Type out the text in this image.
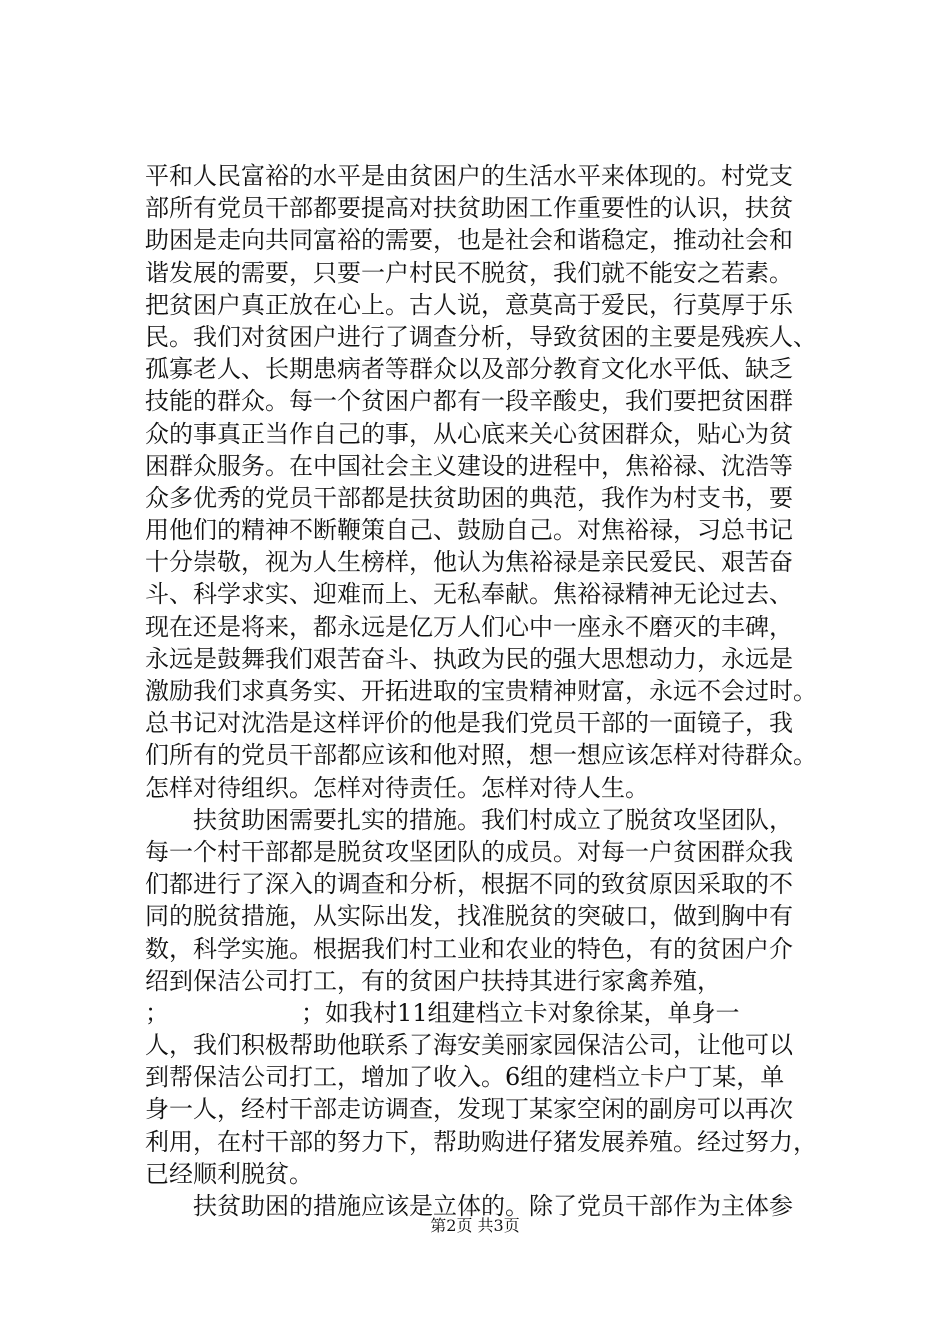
平和人民富裕的水平是由贫困户的生活水平来体现的。村党支
部所有党员干部都要提高对扶贫助困工作重要性的认识，扶贫
助困是走向共同富裕的需要，也是社会和谐稳定，推动社会和
谐发展的需要，只要一户村民不脱贫，我们就不能安之若素。
把贫困户真正放在心上。古人说，意莫高于爱民，行莫厚于乐
民。我们对贫困户进行了调查分析，导致贫困的主要是残疾人、
孤寡老人、长期患病者等群众以及部分教育文化水平低、缺乏
技能的群众。每一个贫困户都有一段辛酸史，我们要把贫困群
众的事真正当作自己的事，从心底来关心贫困群众，贴心为贫
困群众服务。在中国社会主义建设的进程中，焦裕禄、沈浩等
众多优秀的党员干部都是扶贫助困的典范，我作为村支书，要
用他们的精神不断鞭策自己、鼓励自己。对焦裕禄，习总书记
十分崇敬，视为人生榜样，他认为焦裕禄是亲民爱民、艰苦奋
斗、科学求实、迎难而上、无私奉献。焦裕禄精神无论过去、
现在还是将来，都永远是亿万人们心中一座永不磨灭的丰碑，
永远是鼓舞我们艰苦奋斗、执政为民的强大思想动力，永远是
激励我们求真务实、开拓进取的宝贵精神财富，永远不会过时。
总书记对沈浩是这样评价的他是我们党员干部的一面镜子，我
们所有的党员干部都应该和他对照，想一想应该怎样对待群众。
怎样对待组织。怎样对待责任。怎样对待人生。
　　扶贫助困需要扎实的措施。我们村成立了脱贫攻坚团队，
每一个村干部都是脱贫攻坚团队的成员。对每一户贫困群众我
们都进行了深入的调查和分析，根据不同的致贫原因采取的不
同的脱贫措施，从实际出发，找准脱贫的突破口，做到胸中有
数，科学实施。根据我们村工业和农业的特色，有的贫困户介
绍到保洁公司打工，有的贫困户扶持其进行家禽养殖，
；　　　　　　；如我村11组建档立卡对象徐某，单身一
人，我们积极帮助他联系了海安美丽家园保洁公司，让他可以
到帮保洁公司打工，增加了收入。6组的建档立卡户丁某，单
身一人，经村干部走访调查，发现丁某家空闲的副房可以再次
利用，在村干部的努力下，帮助购进仔猪发展养殖。经过努力，
已经顺利脱贫。
　　扶贫助困的措施应该是立体的。除了党员干部作为主体参
第2页 共3页
